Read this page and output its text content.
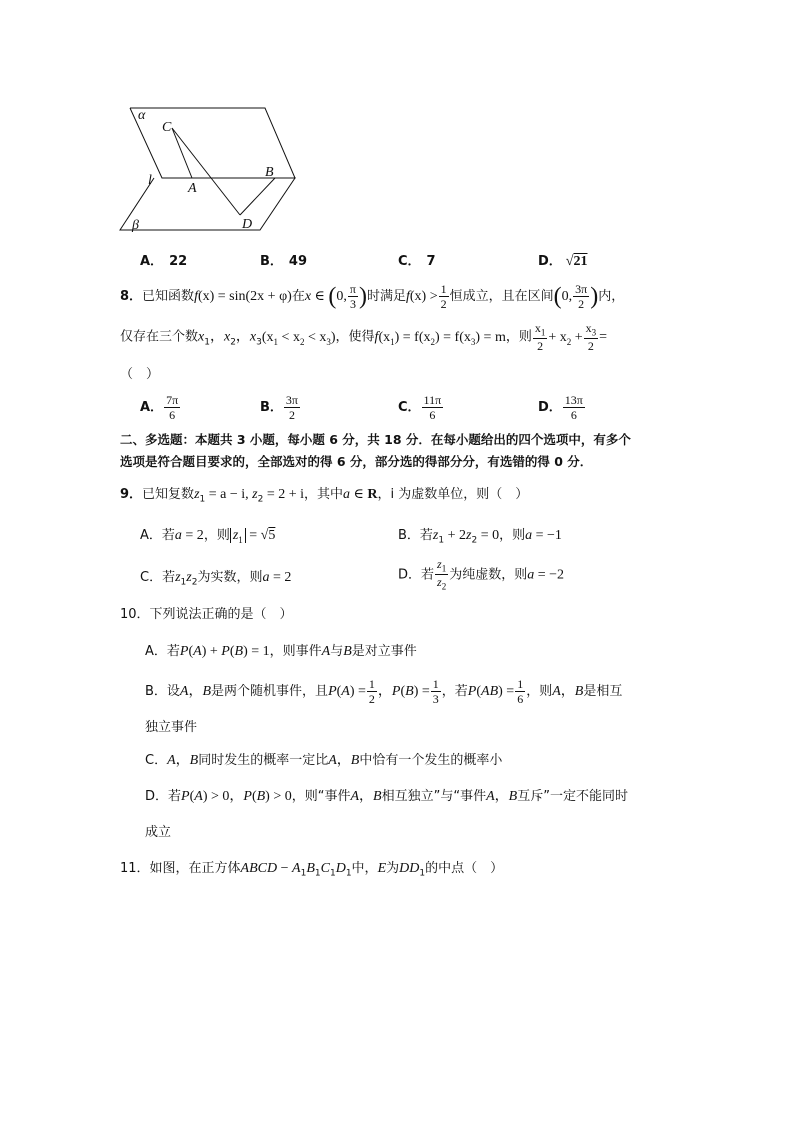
α
C
l
A
B
D
β
A． 22	B． 49	C． 7	D． √21
8．已知函数f(x) = sin(2x + φ)在x ∈ (0, $\frac{\pi}{3}$ )时满足$f(x) > \frac{1}{2}$ 恒成立，且在区间(0, $\frac{3\pi}{2}$ )内，
仅存在三个数$x_1$，$x_2$，$x_3(x_1 < x_2 < x_3)$，使得$f(x_1) = f(x_2) = f(x_3) = m$，则 $\frac{x_1}{2} + x_2 + \frac{x_3}{2}$ =
（　）
A． $\frac{7\pi}{6}$	B． $\frac{3\pi}{2}$	C． $\frac{11\pi}{6}$	D． $\frac{13\pi}{6}$
二、多选题：本题共 3 小题，每小题 6 分，共 18 分．在每小题给出的四个选项中，有多个
选项是符合题目要求的，全部选对的得 6 分，部分选的得部分分，有选错的得 0 分．
9．已知复数$z_1 = a - i$, $z_2 = 2 + i$，其中a ∈ R，i 为虚数单位，则（　）
A．若a = 2，则 $z_1 = √5$	B．若$z_1 + 2z_2 = 0$，则a = −1
C．若$z_1z_2$为实数，则a = 2	D．若 $\frac{z_1}{z_2}$ 为纯虚数，则a = −2
10．下列说法正确的是（　）
A．若P(A) + P(B) = 1，则事件A与B是对立事件
B．设A，B是两个随机事件，且$P(A) = \frac{1}{2}$ ，$P(B) = \frac{1}{3}$ ，若$P(AB) = \frac{1}{6}$ ，则A，B是相互
独立事件
C．A，B同时发生的概率一定比A，B中恰有一个发生的概率小
D．若P(A) > 0，P(B) > 0，则“事件A，B相互独立”与“事件A，B互斥”一定不能同时
成立
11．如图，在正方体ABCD − $A_1B_1C_1D_1$中，E为$DD_1$的中点（　）
